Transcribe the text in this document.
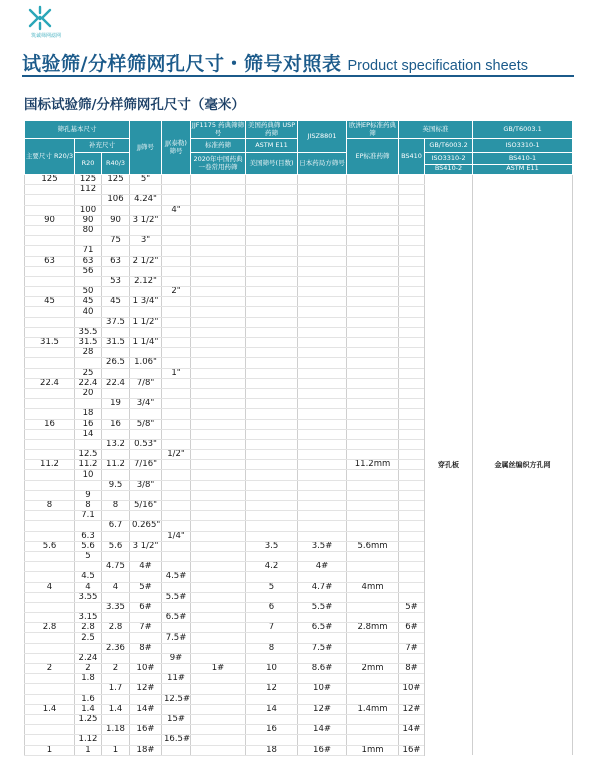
筑诚筛网滤网
试验筛/分样筛网孔尺寸・筛号对照表 Product specification sheets
国标试验筛/分样筛网孔尺寸（毫米）
筛孔基本尺寸			JJ筛号	JJ(泰勒)筛号	JJF1175 药典筛筛号	美国药典筛 USP药筛	JISZ8801	欧洲EP标准药典筛	英国标准		GB/T6003.1
主要尺寸 R20/3	补充尺寸				标准药筛	ASTM E11		EP标准药筛	BS410	GB/T6003.2	ISO3310-1
	R20	R40/3			2020年中国药典一卷常用药筛	美国筛号(目数)	日本药局方筛号			ISO3310-2
BS410-2	BS410-1
ASTM E11

125	125	125	5"							穿孔板	金属丝编织方孔网
	112										
		106	4.24"								
	100			4"							
90	90	90	3 1/2"								
	80										
		75	3"								
	71										
63	63	63	2 1/2"								
	56										
		53	2.12"								
	50			2"							
45	45	45	1 3/4"								
	40										
		37.5	1 1/2"								
	35.5										
31.5	31.5	31.5	1 1/4"								
	28										
		26.5	1.06"								
	25			1"							
22.4	22.4	22.4	7/8"								
	20										
		19	3/4"								
	18										
16	16	16	5/8"								
	14										
		13.2	0.53"								
	12.5			1/2"							
11.2	11.2	11.2	7/16"					11.2mm			
	10										
		9.5	3/8"								
	9										
8	8	8	5/16"								
	7.1										
		6.7	0.265"								
	6.3			1/4"							
5.6	5.6	5.6	3 1/2"			3.5	3.5#	5.6mm			
	5										
		4.75	4#			4.2	4#				
	4.5			4.5#							
4	4	4	5#			5	4.7#	4mm			
	3.55			5.5#							
		3.35	6#			6	5.5#		5#		
	3.15			6.5#							
2.8	2.8	2.8	7#			7	6.5#	2.8mm	6#		
	2.5			7.5#							
		2.36	8#			8	7.5#		7#		
	2.24			9#							
2	2	2	10#		1#	10	8.6#	2mm	8#		
	1.8			11#							
		1.7	12#			12	10#		10#		
	1.6			12.5#							
1.4	1.4	1.4	14#			14	12#	1.4mm	12#		
	1.25			15#							
		1.18	16#			16	14#		14#		
	1.12			16.5#							
1	1	1	18#			18	16#	1mm	16#		
